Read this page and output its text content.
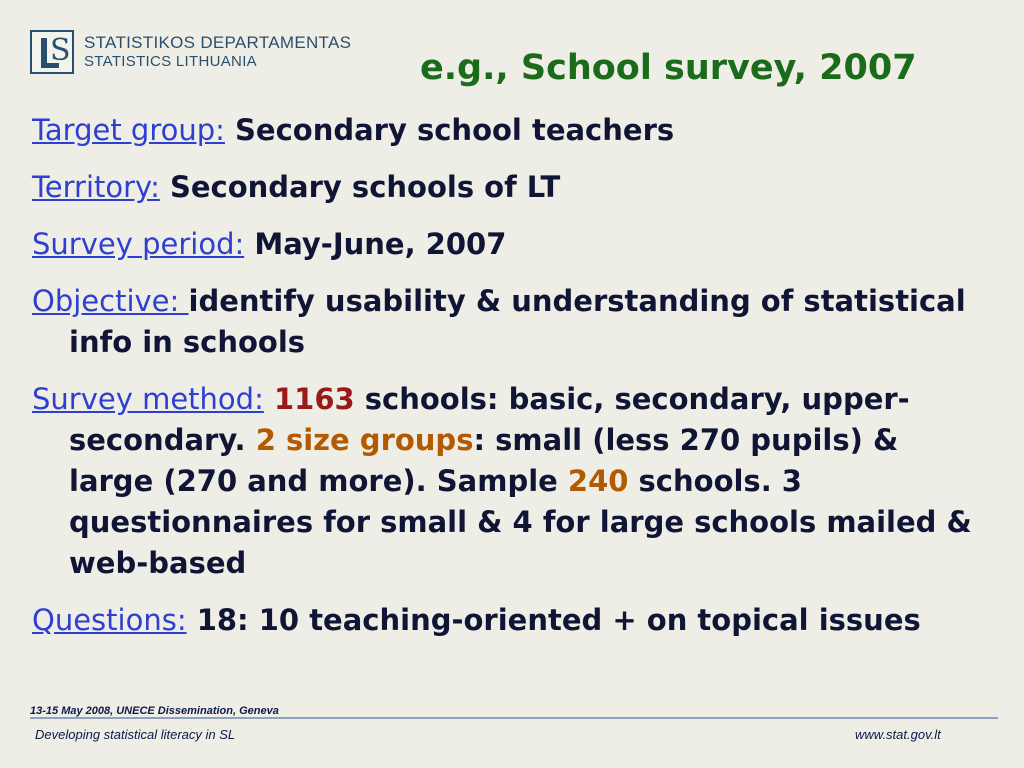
S STATISTIKOS DEPARTAMENTAS
STATISTICS LITHUANIA	e.g., School survey, 2007

Target group: Secondary school teachers

Territory: Secondary schools of LT

Survey period: May-June, 2007

Objective: identify usability & understanding of statistical info in schools

Survey method: 1163 schools: basic, secondary, upper-secondary. 2 size groups: small (less 270 pupils) & large (270 and more). Sample 240 schools. 3 questionnaires for small & 4 for large schools mailed & web-based

Questions: 18: 10 teaching-oriented + on topical issues

13-15 May 2008, UNECE Dissemination, Geneva
Developing statistical literacy in SL	www.stat.gov.lt
